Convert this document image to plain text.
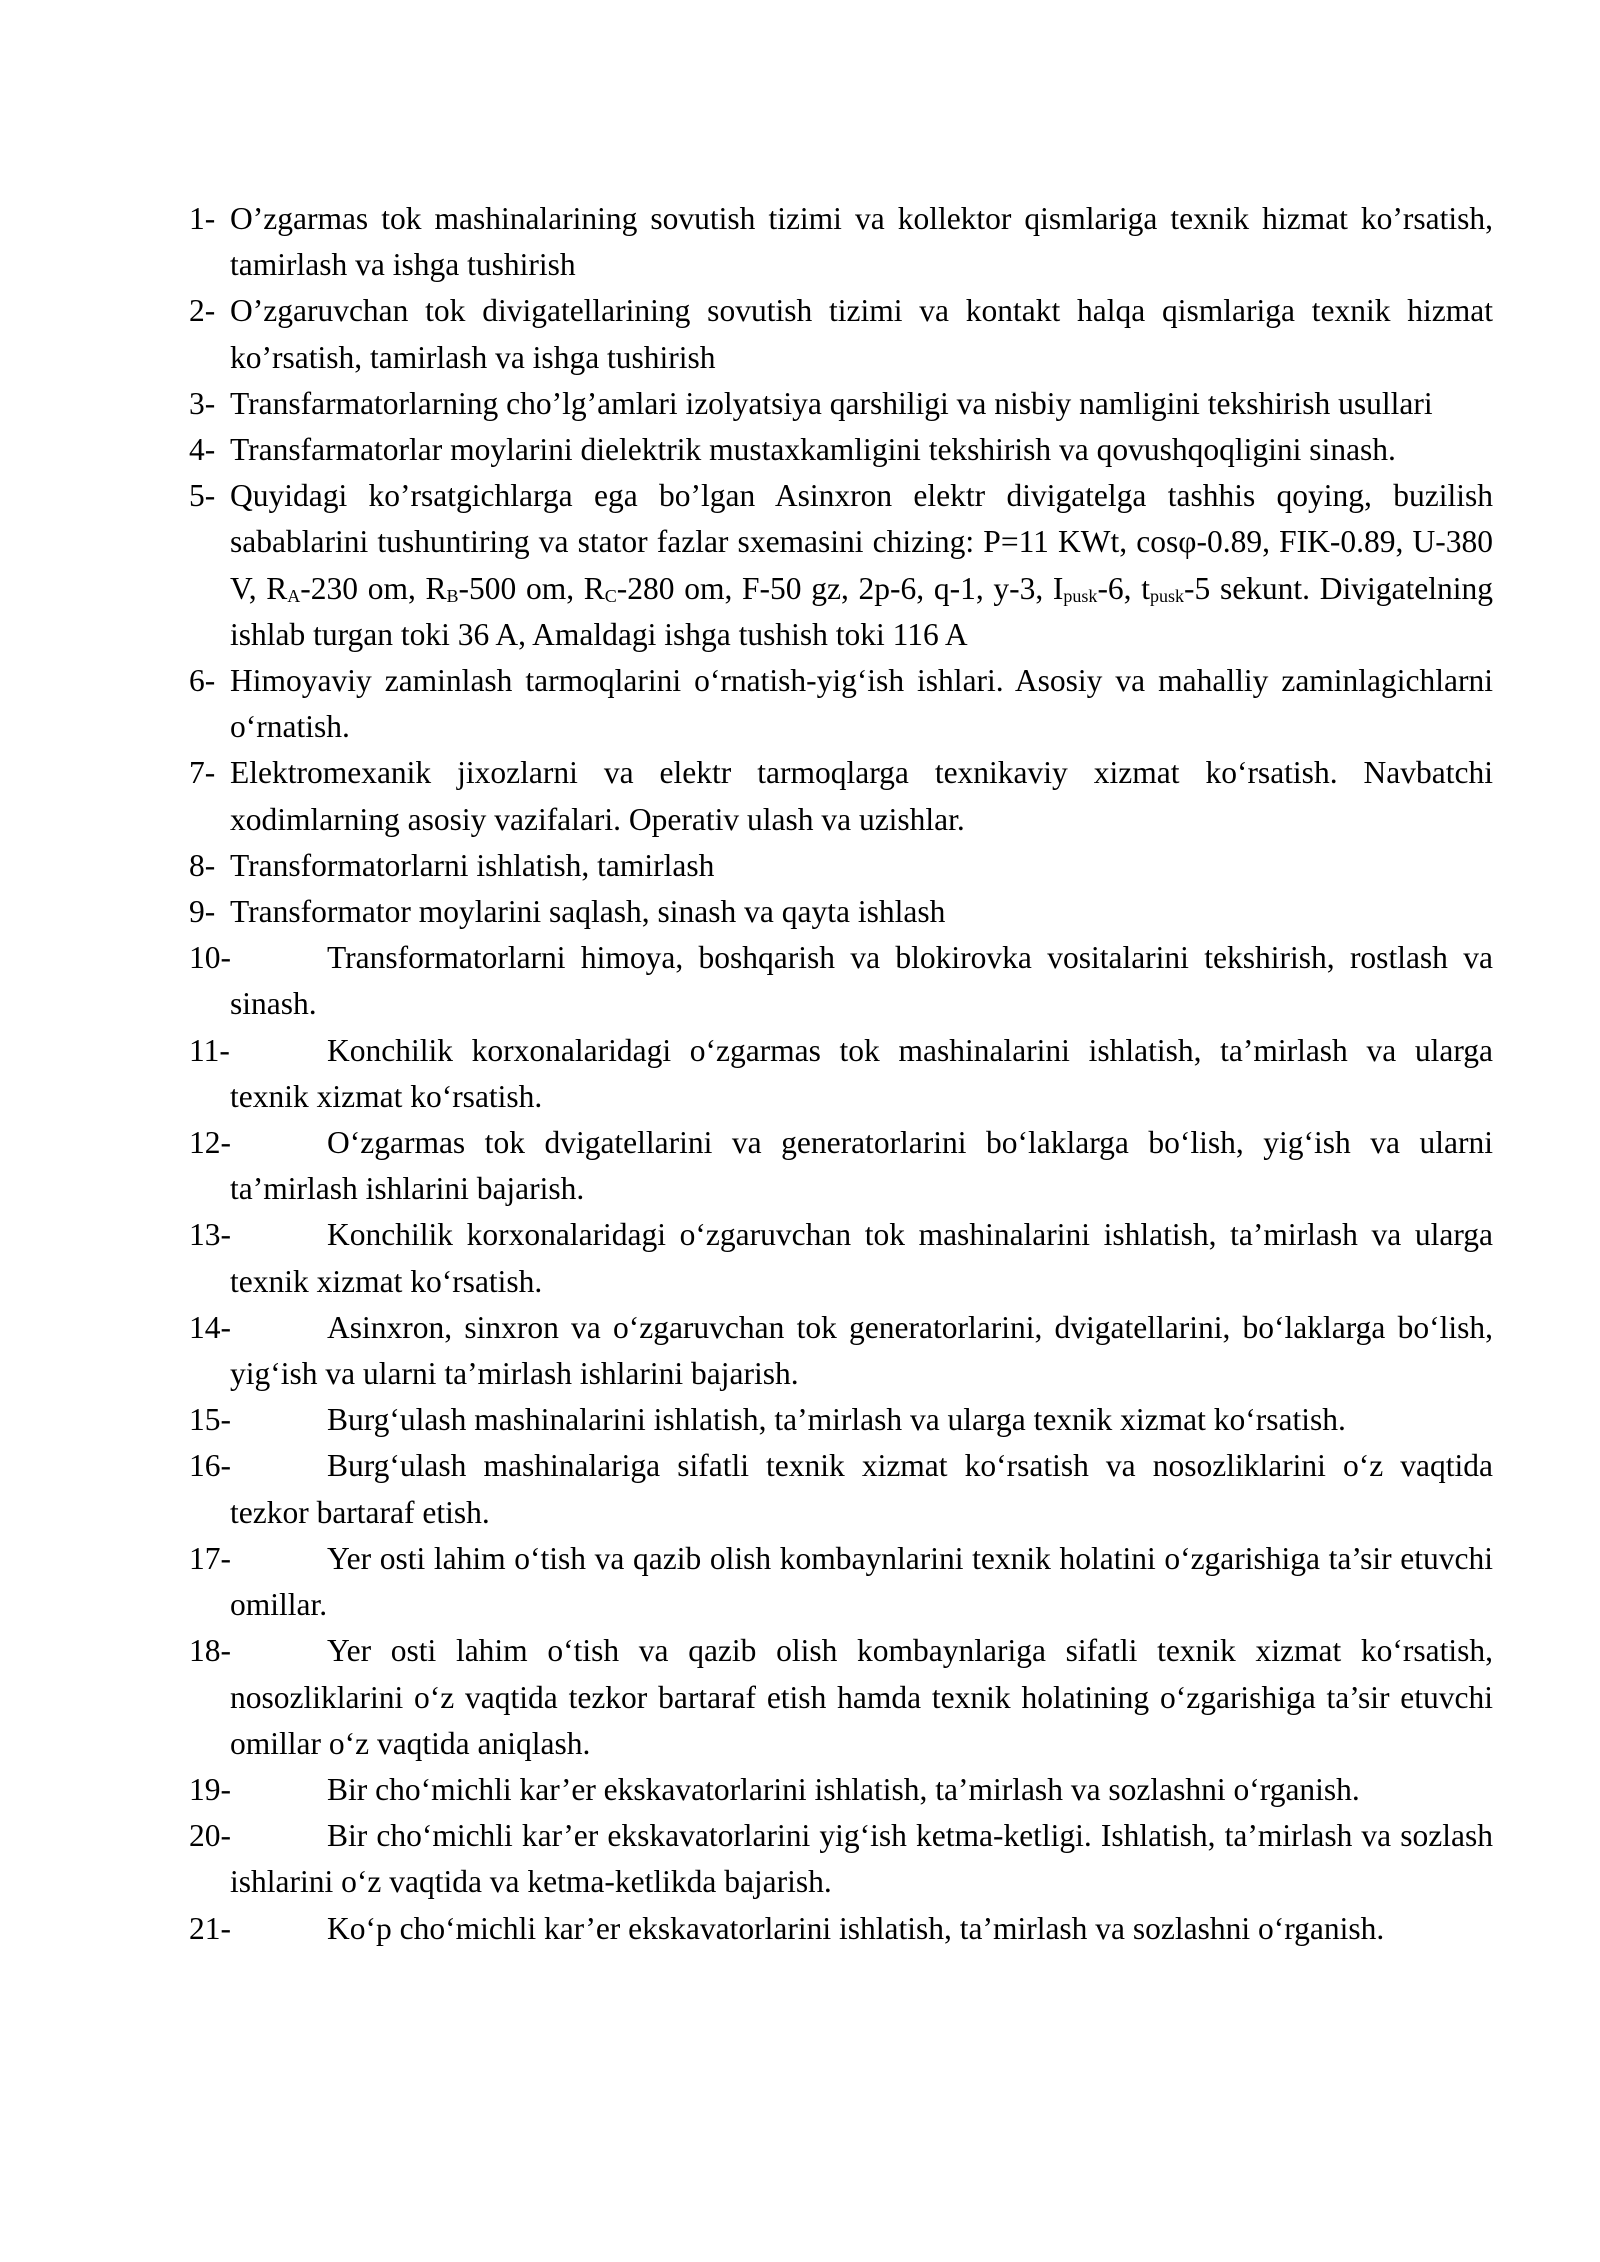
1- O’zgarmas tok mashinalarining sovutish tizimi va kollektor qismlariga texnik hizmat ko’rsatish, tamirlash va ishga tushirish

2- O’zgaruvchan tok divigatellarining sovutish tizimi va kontakt halqa qismlariga texnik hizmat ko’rsatish, tamirlash va ishga tushirish

3- Transfarmatorlarning cho’lg’amlari izolyatsiya qarshiligi va nisbiy namligini tekshirish usullari

4- Transfarmatorlar moylarini dielektrik mustaxkamligini tekshirish va qovushqoqligini sinash.

5- Quyidagi ko’rsatgichlarga ega bo’lgan Asinxron elektr divigatelga tashhis qoying, buzilish sabablarini tushuntiring va stator fazlar sxemasini chizing: P=11 KWt, cosφ-0.89, FIK-0.89, U-380 V, $R_A-230$ om, $R_B-500$ om, $R_C-280$ om, F-50 gz, 2p-6, q-1, y-3, $I_{pusk}-6$, $t_{pusk}-5$ sekunt. Divigatelning ishlab turgan toki 36 A, Amaldagi ishga tushish toki 116 A

6- Himoyaviy zaminlash tarmoqlarini o‘rnatish-yig‘ish ishlari. Asosiy va mahalliy zaminlagichlarni o‘rnatish.

7- Elektromexanik jixozlarni va elektr tarmoqlarga texnikaviy xizmat ko‘rsatish. Navbatchi xodimlarning asosiy vazifalari. Operativ ulash va uzishlar.

8- Transformatorlarni ishlatish, tamirlash

9- Transformator moylarini saqlash, sinash va qayta ishlash

10-	Transformatorlarni himoya, boshqarish va blokirovka vositalarini tekshirish, rostlash va sinash.

11-	Konchilik korxonalaridagi o‘zgarmas tok mashinalarini ishlatish, ta’mirlash va ularga texnik xizmat ko‘rsatish.

12-	O‘zgarmas tok dvigatellarini va generatorlarini bo‘laklarga bo‘lish, yig‘ish va ularni ta’mirlash ishlarini bajarish.

13-	Konchilik korxonalaridagi o‘zgaruvchan tok mashinalarini ishlatish, ta’mirlash va ularga texnik xizmat ko‘rsatish.

14-	Asinxron, sinxron va o‘zgaruvchan tok generatorlarini, dvigatellarini, bo‘laklarga bo‘lish, yig‘ish va ularni ta’mirlash ishlarini bajarish.

15-	Burg‘ulash mashinalarini ishlatish, ta’mirlash va ularga texnik xizmat ko‘rsatish.

16-	Burg‘ulash mashinalariga sifatli texnik xizmat ko‘rsatish va nosozliklarini o‘z vaqtida tezkor bartaraf etish.

17-	Yer osti lahim o‘tish va qazib olish kombaynlarini texnik holatini o‘zgarishiga ta’sir etuvchi omillar.

18-	Yer osti lahim o‘tish va qazib olish kombaynlariga sifatli texnik xizmat ko‘rsatish, nosozliklarini o‘z vaqtida tezkor bartaraf etish hamda texnik holatining o‘zgarishiga ta’sir etuvchi omillar o‘z vaqtida aniqlash.

19-	Bir cho‘michli kar’er ekskavatorlarini ishlatish, ta’mirlash va sozlashni o‘rganish.

20-	Bir cho‘michli kar’er ekskavatorlarini yig‘ish ketma-ketligi. Ishlatish, ta’mirlash va sozlash ishlarini o‘z vaqtida va ketma-ketlikda bajarish.

21-	Ko‘p cho‘michli kar’er ekskavatorlarini ishlatish, ta’mirlash va sozlashni o‘rganish.
